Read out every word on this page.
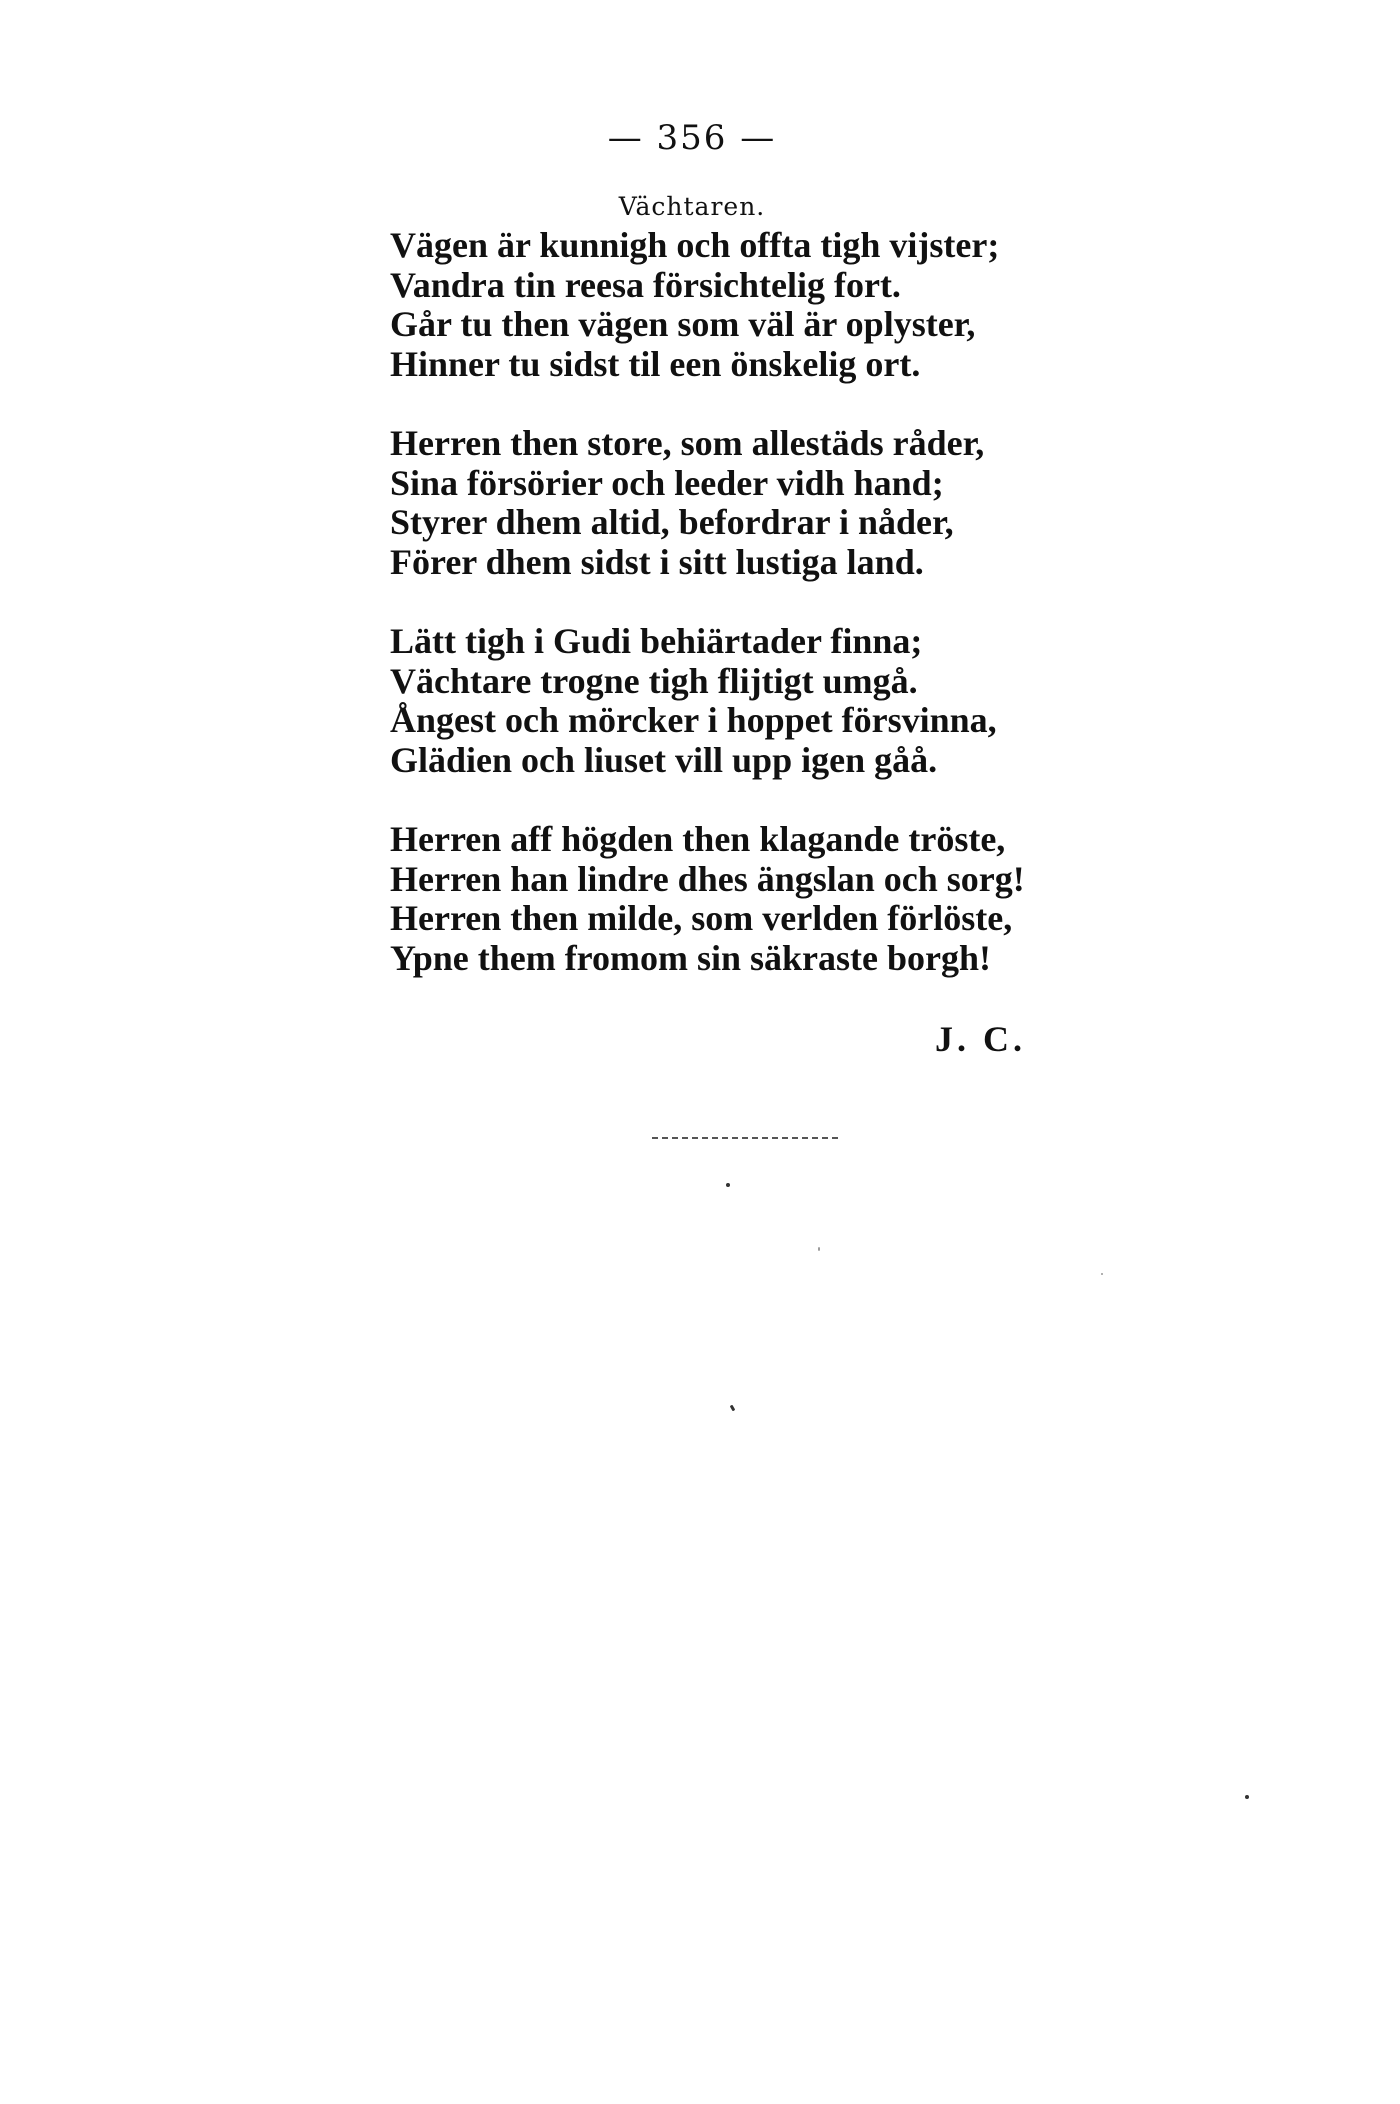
— 356 —
Vächtaren.
Vägen är kunnigh och offta tigh vijster;
Vandra tin reesa försichtelig fort.
Går tu then vägen som väl är oplyster,
Hinner tu sidst til een önskelig ort.
Herren then store, som allestäds råder,
Sina försörier och leeder vidh hand;
Styrer dhem altid, befordrar i nåder,
Förer dhem sidst i sitt lustiga land.
Lätt tigh i Gudi behiärtader finna;
Vächtare trogne tigh flijtigt umgå.
Ångest och mörcker i hoppet försvinna,
Glädien och liuset vill upp igen gåå.
Herren aff högden then klagande tröste,
Herren han lindre dhes ängslan och sorg!
Herren then milde, som verlden förlöste,
Ypne them fromom sin säkraste borgh!
J. C.
